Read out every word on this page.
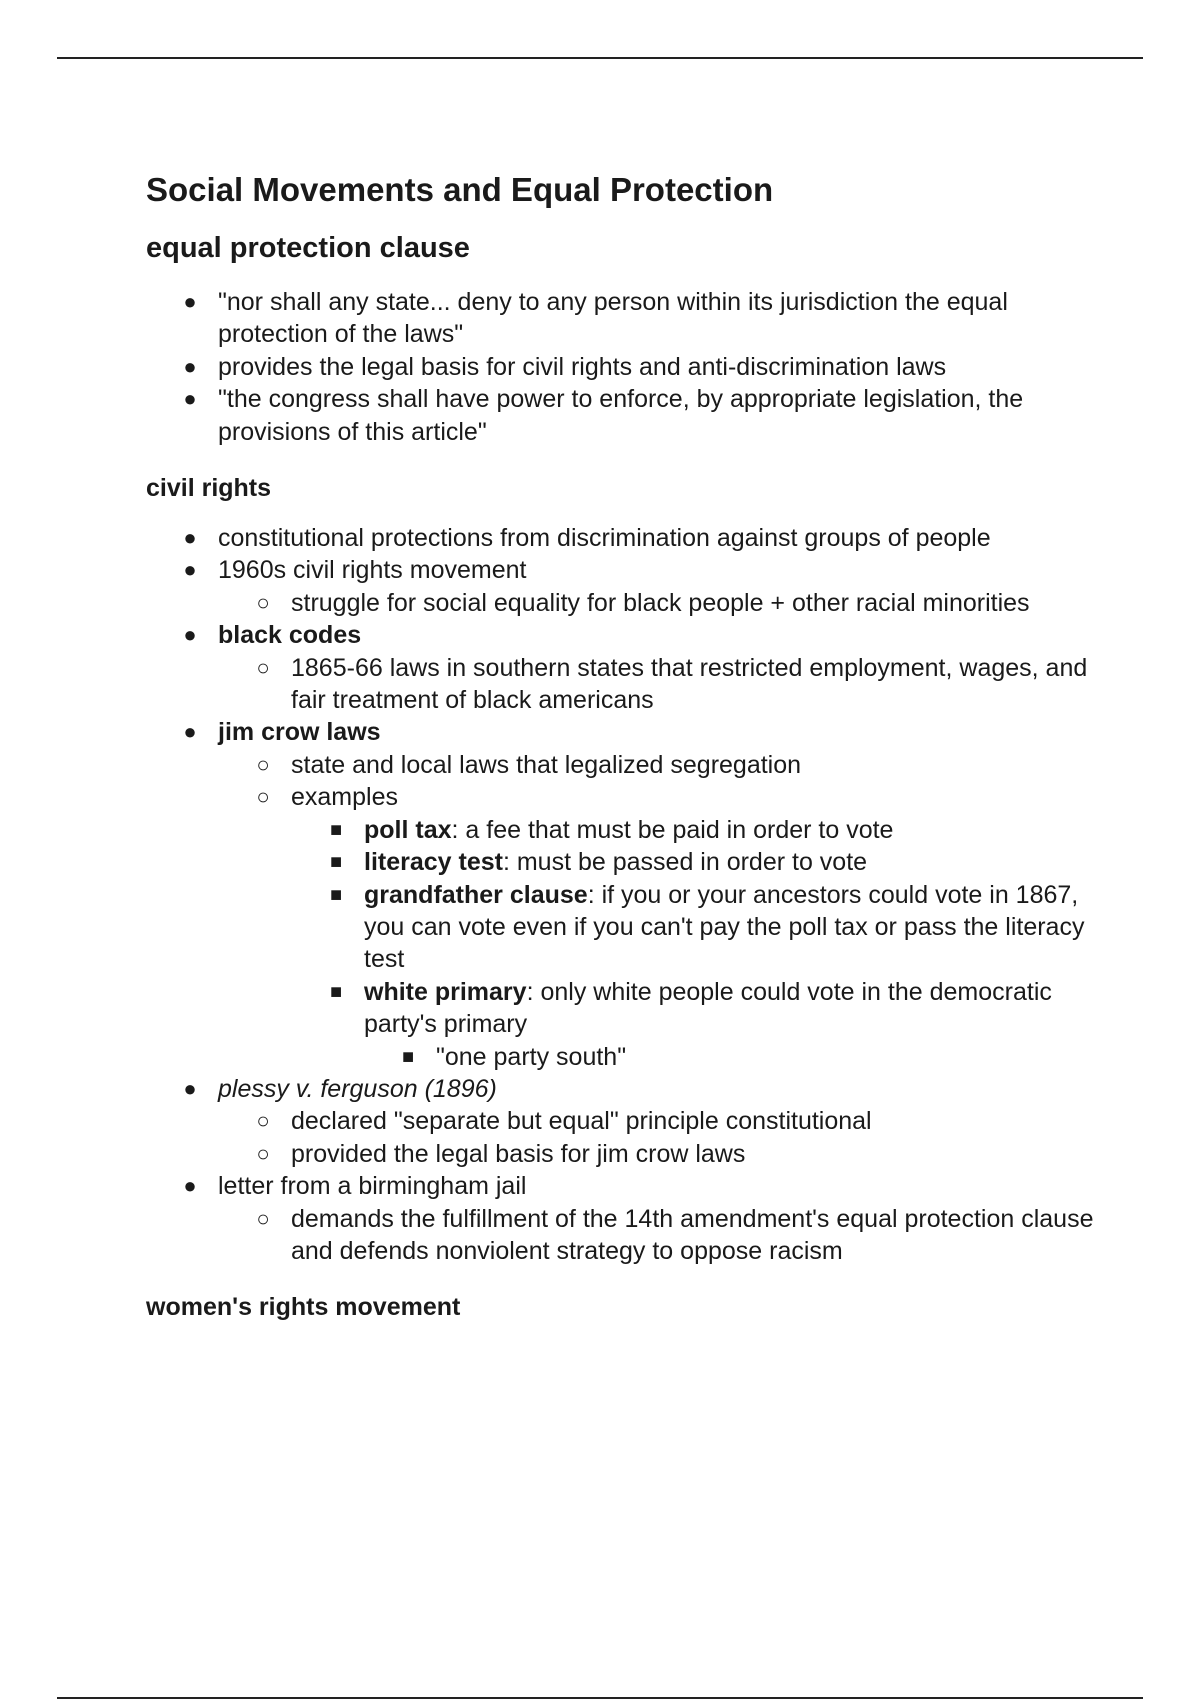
Social Movements and Equal Protection
equal protection clause
● "nor shall any state... deny to any person within its jurisdiction the equal protection of the laws"
● provides the legal basis for civil rights and anti-discrimination laws
● "the congress shall have power to enforce, by appropriate legislation, the provisions of this article"
civil rights
● constitutional protections from discrimination against groups of people
● 1960s civil rights movement
○ struggle for social equality for black people + other racial minorities
● black codes
○ 1865-66 laws in southern states that restricted employment, wages, and fair treatment of black americans
● jim crow laws
○ state and local laws that legalized segregation
○ examples
■ poll tax: a fee that must be paid in order to vote
■ literacy test: must be passed in order to vote
■ grandfather clause: if you or your ancestors could vote in 1867, you can vote even if you can't pay the poll tax or pass the literacy test
■ white primary: only white people could vote in the democratic party's primary
■ "one party south"
● plessy v. ferguson (1896)
○ declared "separate but equal" principle constitutional
○ provided the legal basis for jim crow laws
● letter from a birmingham jail
○ demands the fulfillment of the 14th amendment's equal protection clause and defends nonviolent strategy to oppose racism
women's rights movement
